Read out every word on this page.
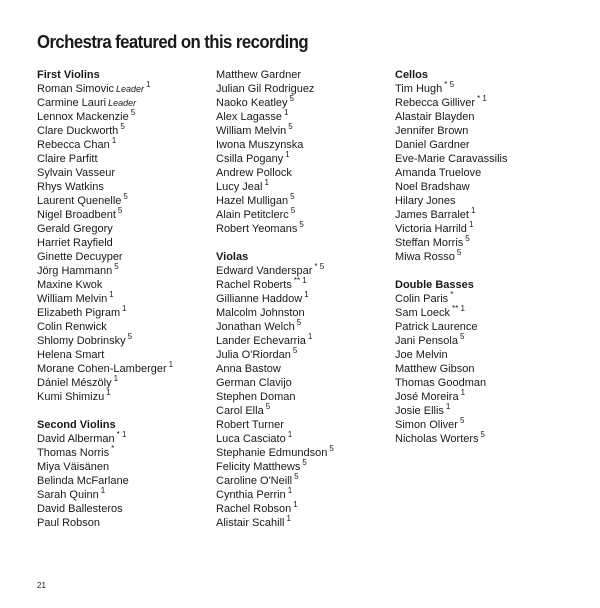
Orchestra featured on this recording
First Violins
Roman Simovic Leader $^1$
Carmine Lauri Leader
Lennox Mackenzie $^5$
Clare Duckworth $^5$
Rebecca Chan $^1$
Claire Parfitt
Sylvain Vasseur
Rhys Watkins
Laurent Quenelle $^5$
Nigel Broadbent $^5$
Gerald Gregory
Harriet Rayfield
Ginette Decuyper
Jörg Hammann $^5$
Maxine Kwok
William Melvin $^1$
Elizabeth Pigram $^1$
Colin Renwick
Shlomy Dobrinsky $^5$
Helena Smart
Morane Cohen-Lamberger $^1$
Dániel Mészöly $^1$
Kumi Shimizu $^1$
Second Violins
David Alberman $^{* 1}$
Thomas Norris *
Miya Väisänen
Belinda McFarlane
Sarah Quinn $^1$
David Ballesteros
Paul Robson
Matthew Gardner
Julian Gil Rodriguez
Naoko Keatley $^5$
Alex Lagasse $^1$
William Melvin $^5$
Iwona Muszynska
Csilla Pogany $^1$
Andrew Pollock
Lucy Jeal $^1$
Hazel Mulligan $^5$
Alain Petitclerc $^5$
Robert Yeomans $^5$
Violas
Edward Vanderspar $^{* 5}$
Rachel Roberts $^{** 1}$
Gillianne Haddow $^1$
Malcolm Johnston
Jonathan Welch $^5$
Lander Echevarria $^1$
Julia O'Riordan $^5$
Anna Bastow
German Clavijo
Stephen Doman
Carol Ella $^5$
Robert Turner
Luca Casciato $^1$
Stephanie Edmundson $^5$
Felicity Matthews $^5$
Caroline O'Neill $^5$
Cynthia Perrin $^1$
Rachel Robson $^1$
Alistair Scahill $^1$
Cellos
Tim Hugh $^{* 5}$
Rebecca Gilliver $^{* 1}$
Alastair Blayden
Jennifer Brown
Daniel Gardner
Eve-Marie Caravassilis
Amanda Truelove
Noel Bradshaw
Hilary Jones
James Barralet $^1$
Victoria Harrild $^1$
Steffan Morris $^5$
Miwa Rosso $^5$
Double Basses
Colin Paris *
Sam Loeck $^{** 1}$
Patrick Laurence
Jani Pensola $^5$
Joe Melvin
Matthew Gibson
Thomas Goodman
José Moreira $^1$
Josie Ellis $^1$
Simon Oliver $^5$
Nicholas Worters $^5$
21
